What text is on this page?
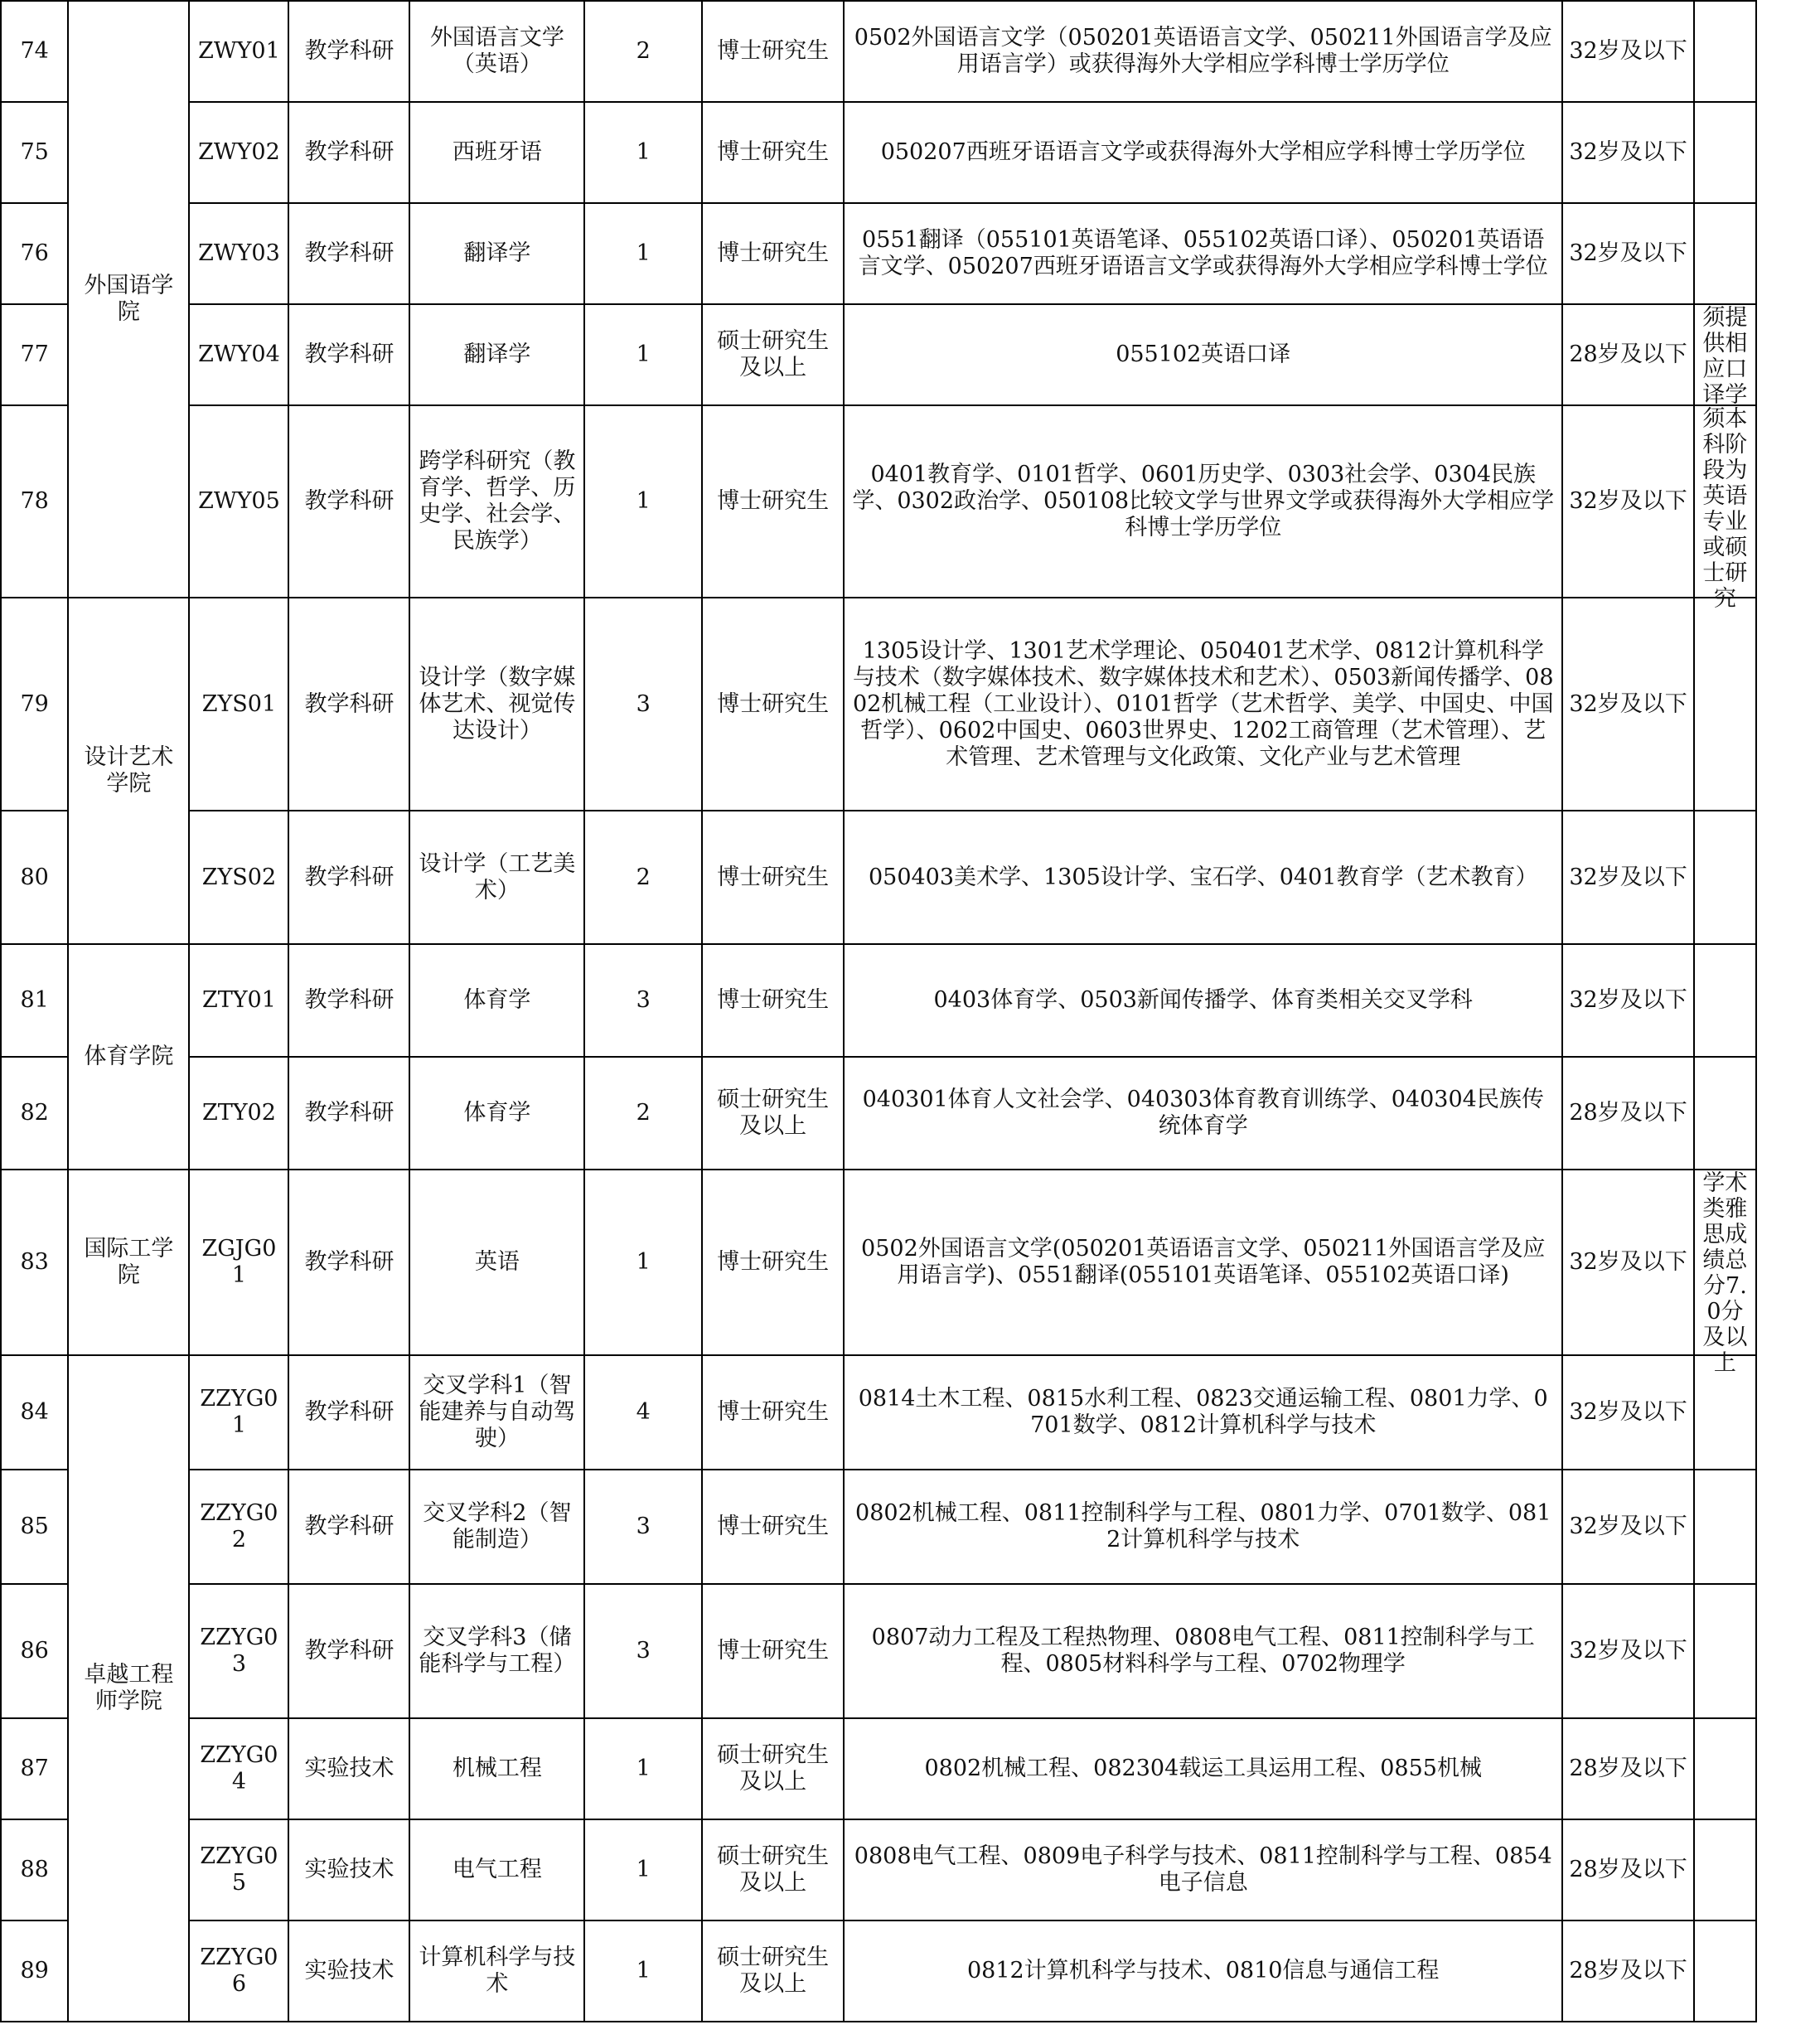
74	外国语学院	ZWY01	教学科研	外国语言文学（英语）	2	博士研究生	0502外国语言文学（050201英语语言文学、050211外国语言学及应用语言学）或获得海外大学相应学科博士学历学位	32岁及以下	
75		ZWY02	教学科研	西班牙语	1	博士研究生	050207西班牙语语言文学或获得海外大学相应学科博士学历学位	32岁及以下	
76		ZWY03	教学科研	翻译学	1	博士研究生	0551翻译（055101英语笔译、055102英语口译）、050201英语语言文学、050207西班牙语语言文学或获得海外大学相应学科博士学位	32岁及以下	
77		ZWY04	教学科研	翻译学	1	硕士研究生及以上	055102英语口译	28岁及以下	须提供相应口译学

78		ZWY05	教学科研	跨学科研究（教育学、哲学、历史学、社会学、民族学）	1	博士研究生	0401教育学、0101哲学、0601历史学、0303社会学、0304民族学、0302政治学、050108比较文学与世界文学或获得海外大学相应学科博士学历学位	32岁及以下	须本科阶段为英语专业或硕士研究

79	设计艺术学院	ZYS01	教学科研	设计学（数字媒体艺术、视觉传达设计）	3	博士研究生	1305设计学、1301艺术学理论、050401艺术学、0812计算机科学与技术（数字媒体技术、数字媒体技术和艺术）、0503新闻传播学、0802机械工程（工业设计）、0101哲学（艺术哲学、美学、中国史、中国哲学）、0602中国史、0603世界史、1202工商管理（艺术管理）、艺术管理、艺术管理与文化政策、文化产业与艺术管理	32岁及以下	
80		ZYS02	教学科研	设计学（工艺美术）	2	博士研究生	050403美术学、1305设计学、宝石学、0401教育学（艺术教育）	32岁及以下	
81	体育学院	ZTY01	教学科研	体育学	3	博士研究生	0403体育学、0503新闻传播学、体育类相关交叉学科	32岁及以下	
82		ZTY02	教学科研	体育学	2	硕士研究生及以上	040301体育人文社会学、040303体育教育训练学、040304民族传统体育学	28岁及以下	
83	国际工学院	ZGJG01	教学科研	英语	1	博士研究生	0502外国语言文学(050201英语语言文学、050211外国语言学及应用语言学)、0551翻译(055101英语笔译、055102英语口译)	32岁及以下	学术类雅思成绩总分7.0分及以上

84	卓越工程师学院	ZZYG01	教学科研	交叉学科1（智能建养与自动驾驶）	4	博士研究生	0814土木工程、0815水利工程、0823交通运输工程、0801力学、0701数学、0812计算机科学与技术	32岁及以下	
85		ZZYG02	教学科研	交叉学科2（智能制造）	3	博士研究生	0802机械工程、0811控制科学与工程、0801力学、0701数学、0812计算机科学与技术	32岁及以下	
86		ZZYG03	教学科研	交叉学科3（储能科学与工程）	3	博士研究生	0807动力工程及工程热物理、0808电气工程、0811控制科学与工程、0805材料科学与工程、0702物理学	32岁及以下	
87		ZZYG04	实验技术	机械工程	1	硕士研究生及以上	0802机械工程、082304载运工具运用工程、0855机械	28岁及以下	
88		ZZYG05	实验技术	电气工程	1	硕士研究生及以上	0808电气工程、0809电子科学与技术、0811控制科学与工程、0854电子信息	28岁及以下	
89		ZZYG06	实验技术	计算机科学与技术	1	硕士研究生及以上	0812计算机科学与技术、0810信息与通信工程	28岁及以下	
